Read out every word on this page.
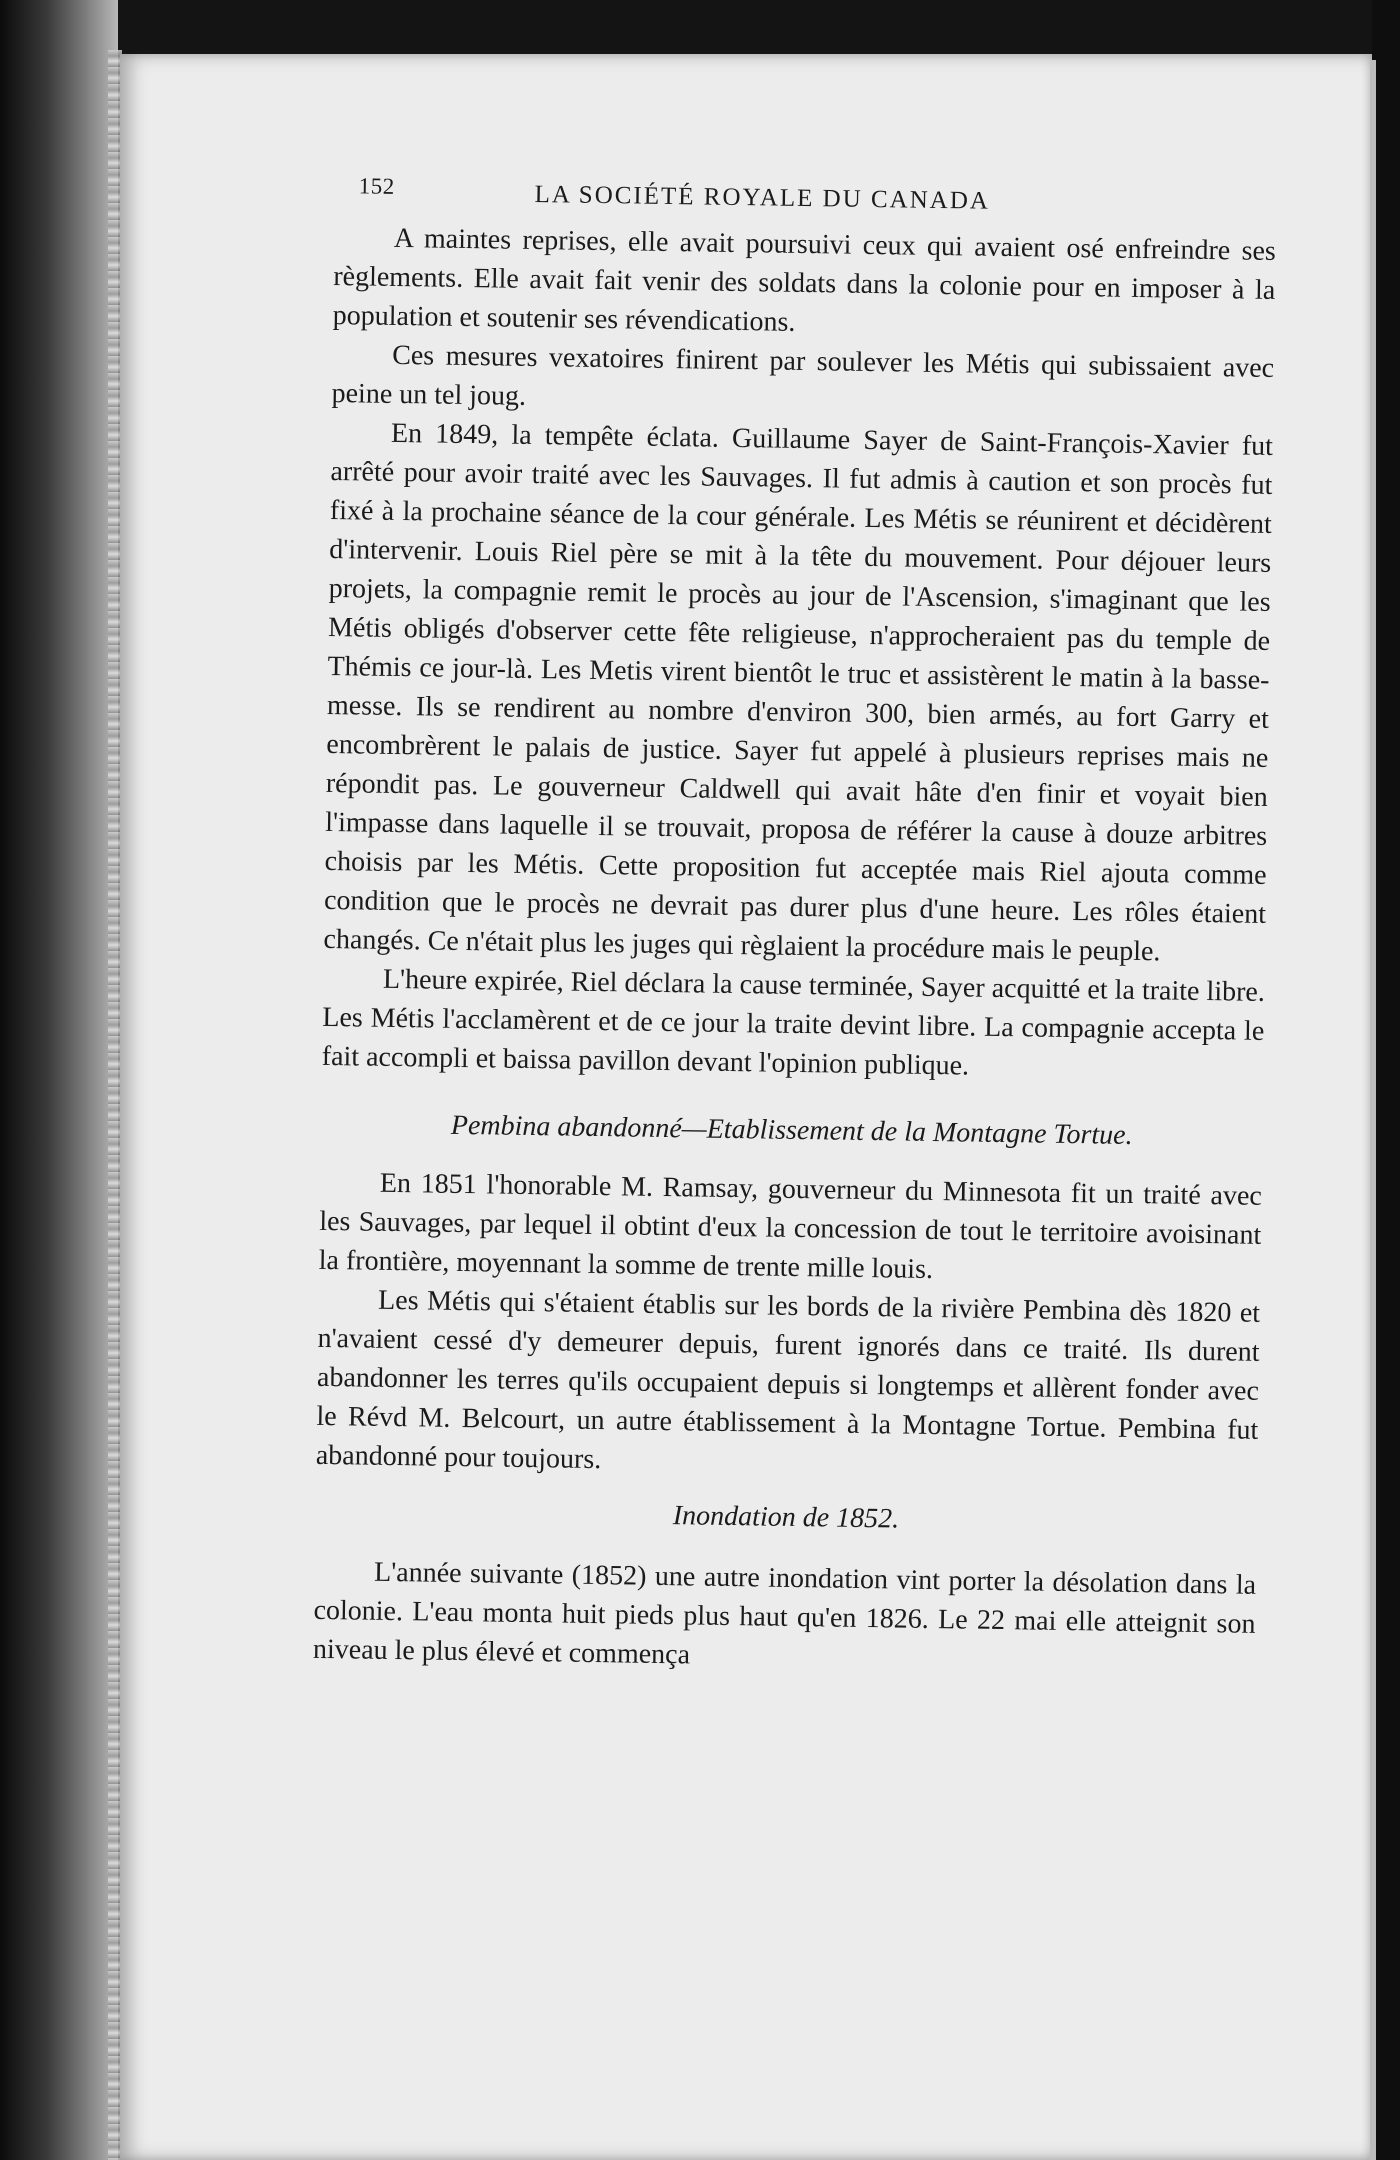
152	LA SOCIÉTÉ ROYALE DU CANADA

A maintes reprises, elle avait poursuivi ceux qui avaient osé enfreindre ses règlements. Elle avait fait venir des soldats dans la colonie pour en imposer à la population et soutenir ses révendications.

Ces mesures vexatoires finirent par soulever les Métis qui subissaient avec peine un tel joug.

En 1849, la tempête éclata. Guillaume Sayer de Saint-François-Xavier fut arrêté pour avoir traité avec les Sauvages. Il fut admis à caution et son procès fut fixé à la prochaine séance de la cour générale. Les Métis se réunirent et décidèrent d'intervenir. Louis Riel père se mit à la tête du mouvement. Pour déjouer leurs projets, la compagnie remit le procès au jour de l'Ascension, s'imaginant que les Métis obligés d'observer cette fête religieuse, n'approcheraient pas du temple de Thémis ce jour-là. Les Metis virent bientôt le truc et assistèrent le matin à la basse-messe. Ils se rendirent au nombre d'environ 300, bien armés, au fort Garry et encombrèrent le palais de justice. Sayer fut appelé à plusieurs reprises mais ne répondit pas. Le gouverneur Caldwell qui avait hâte d'en finir et voyait bien l'impasse dans laquelle il se trouvait, proposa de référer la cause à douze arbitres choisis par les Métis. Cette proposition fut acceptée mais Riel ajouta comme condition que le procès ne devrait pas durer plus d'une heure. Les rôles étaient changés. Ce n'était plus les juges qui règlaient la procédure mais le peuple.

L'heure expirée, Riel déclara la cause terminée, Sayer acquitté et la traite libre. Les Métis l'acclamèrent et de ce jour la traite devint libre. La compagnie accepta le fait accompli et baissa pavillon devant l'opinion publique.

Pembina abandonné—Etablissement de la Montagne Tortue.

En 1851 l'honorable M. Ramsay, gouverneur du Minnesota fit un traité avec les Sauvages, par lequel il obtint d'eux la concession de tout le territoire avoisinant la frontière, moyennant la somme de trente mille louis.

Les Métis qui s'étaient établis sur les bords de la rivière Pembina dès 1820 et n'avaient cessé d'y demeurer depuis, furent ignorés dans ce traité. Ils durent abandonner les terres qu'ils occupaient depuis si longtemps et allèrent fonder avec le Révd M. Belcourt, un autre établissement à la Montagne Tortue. Pembina fut abandonné pour toujours.

Inondation de 1852.

L'année suivante (1852) une autre inondation vint porter la désolation dans la colonie. L'eau monta huit pieds plus haut qu'en 1826. Le 22 mai elle atteignit son niveau le plus élevé et commença
